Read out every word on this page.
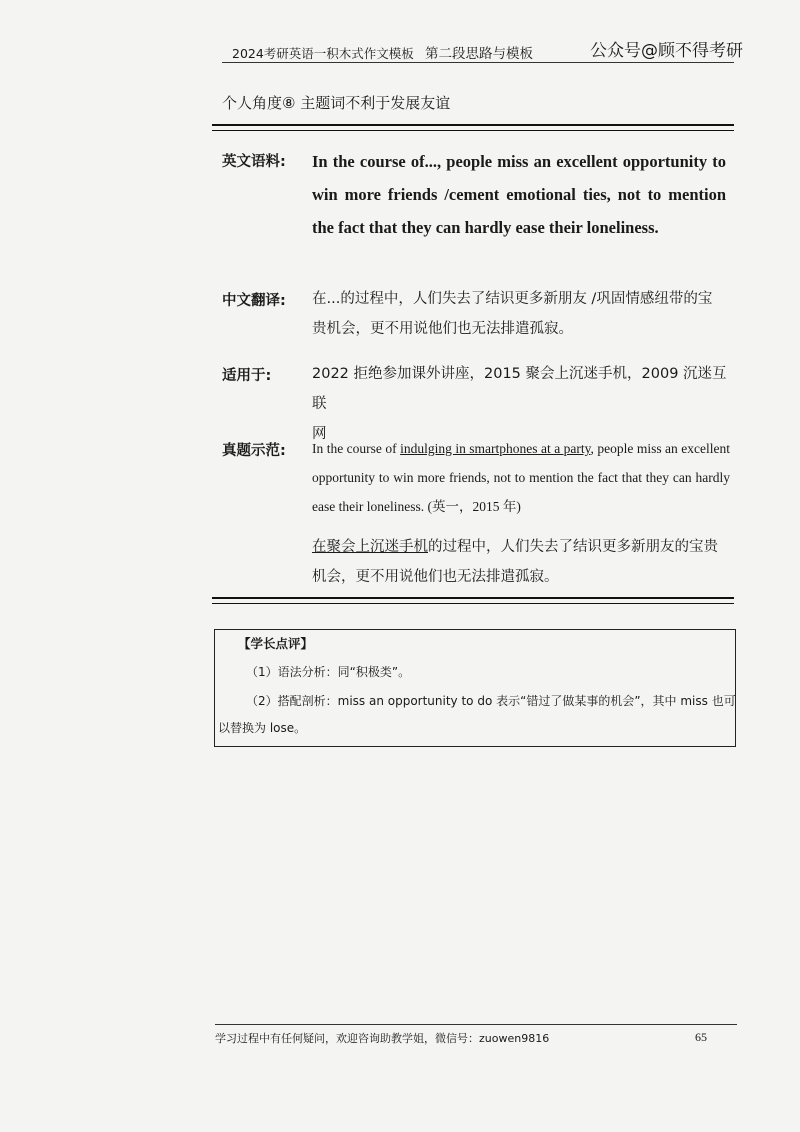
2024考研英语一积木式作文模板 第二段思路与模板	公众号@顾不得考研
个人角度⑧ 主题词不利于发展友谊
英文语料: In the course of..., people miss an excellent opportunity to win more friends /cement emotional ties, not to mention the fact that they can hardly ease their loneliness.
中文翻译: 在...的过程中，人们失去了结识更多新朋友 /巩固情感纽带的宝
贵机会，更不用说他们也无法排遣孤寂。
适用于:	2022 拒绝参加课外讲座，2015 聚会上沉迷手机，2009 沉迷互联
网
真题示范: In the course of indulging in smartphones at a party, people miss an excellent opportunity to win more friends, not to mention the fact that they can hardly ease their loneliness. (英一，2015 年)
在聚会上沉迷手机的过程中，人们失去了结识更多新朋友的宝贵
机会，更不用说他们也无法排遣孤寂。
【学长点评】
（1）语法分析：同“积极类”。
（2）搭配剖析：miss an opportunity to do 表示“错过了做某事的机会”，其中 miss 也可
以替换为 lose。
学习过程中有任何疑问，欢迎咨询助教学姐，微信号：zuowen9816	65
